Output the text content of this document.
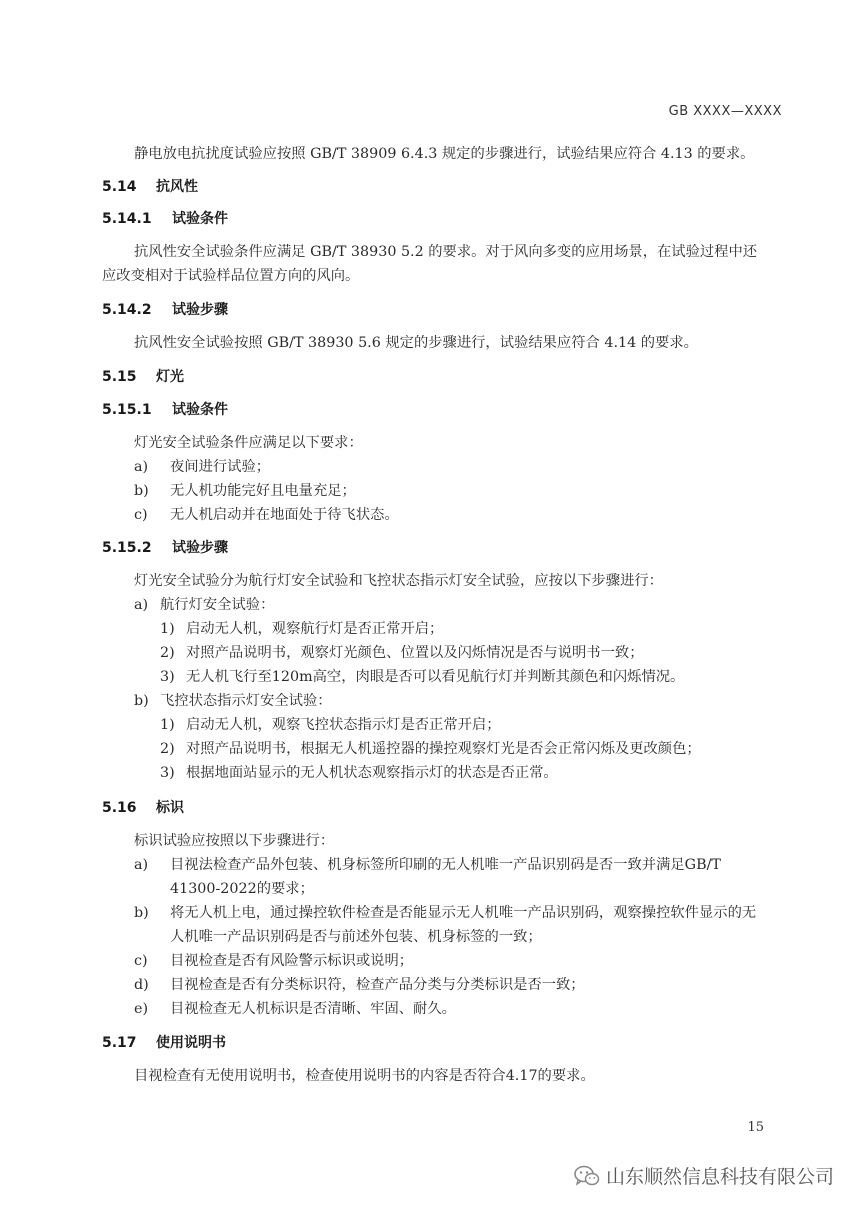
GB XXXX—XXXX
静电放电抗扰度试验应按照 GB/T 38909 6.4.3 规定的步骤进行，试验结果应符合 4.13 的要求。
5.14 抗风性
5.14.1 试验条件
抗风性安全试验条件应满足 GB/T 38930 5.2 的要求。对于风向多变的应用场景，在试验过程中还
应改变相对于试验样品位置方向的风向。
5.14.2 试验步骤
抗风性安全试验按照 GB/T 38930 5.6 规定的步骤进行，试验结果应符合 4.14 的要求。
5.15 灯光
5.15.1 试验条件
灯光安全试验条件应满足以下要求：
a) 夜间进行试验；
b) 无人机功能完好且电量充足；
c) 无人机启动并在地面处于待飞状态。
5.15.2 试验步骤
灯光安全试验分为航行灯安全试验和飞控状态指示灯安全试验，应按以下步骤进行：
a) 航行灯安全试验：
1) 启动无人机，观察航行灯是否正常开启；
2) 对照产品说明书，观察灯光颜色、位置以及闪烁情况是否与说明书一致；
3) 无人机飞行至120m高空，肉眼是否可以看见航行灯并判断其颜色和闪烁情况。
b) 飞控状态指示灯安全试验：
1) 启动无人机，观察飞控状态指示灯是否正常开启；
2) 对照产品说明书，根据无人机遥控器的操控观察灯光是否会正常闪烁及更改颜色；
3) 根据地面站显示的无人机状态观察指示灯的状态是否正常。
5.16 标识
标识试验应按照以下步骤进行：
a) 目视法检查产品外包装、机身标签所印刷的无人机唯一产品识别码是否一致并满足GB/T
41300-2022的要求；
b) 将无人机上电，通过操控软件检查是否能显示无人机唯一产品识别码，观察操控软件显示的无
人机唯一产品识别码是否与前述外包装、机身标签的一致；
c) 目视检查是否有风险警示标识或说明；
d) 目视检查是否有分类标识符，检查产品分类与分类标识是否一致；
e) 目视检查无人机标识是否清晰、牢固、耐久。
5.17 使用说明书
目视检查有无使用说明书，检查使用说明书的内容是否符合4.17的要求。
15
山东顺然信息科技有限公司
